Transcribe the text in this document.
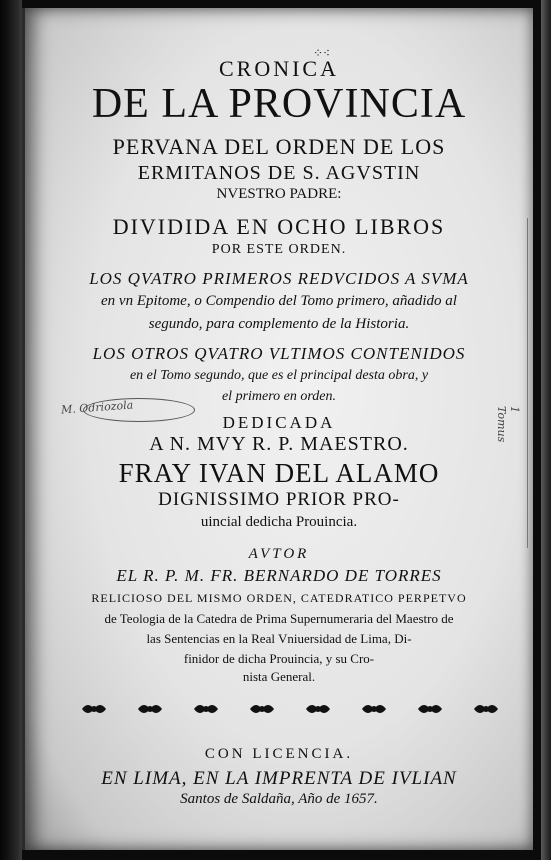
⁘⁖
CRONICA
DE LA PROVINCIA
PERVANA DEL ORDEN DE LOS
ERMITANOS DE S. AGVSTIN
NVESTRO PADRE:
DIVIDIDA EN OCHO LIBROS
POR ESTE ORDEN.
LOS QVATRO PRIMEROS REDVCIDOS A SVMA
en vn Epitome, o Compendio del Tomo primero, añadido al
segundo, para complemento de la Historia.
LOS OTROS QVATRO VLTIMOS CONTENIDOS
en el Tomo segundo, que es el principal desta obra, y
el primero en orden.
DEDICADA
A N. MVY R. P. MAESTRO.
FRAY IVAN DEL ALAMO
DIGNISSIMO PRIOR PRO-
uincial dedicha Prouincia.
AVTOR
EL R. P. M. FR. BERNARDO DE TORRES
RELICIOSO DEL MISMO ORDEN, CATEDRATICO PERPETVO
de Teologia de la Catedra de Prima Supernumeraria del Maestro de
las Sentencias en la Real Vniuersidad de Lima, Di-
finidor de dicha Prouincia, y su Cro-
nista General.
CON LICENCIA.
EN LIMA, EN LA IMPRENTA DE IVLIAN
Santos de Saldaña, Año de 1657.
M. Odriozola	1 Tomus
